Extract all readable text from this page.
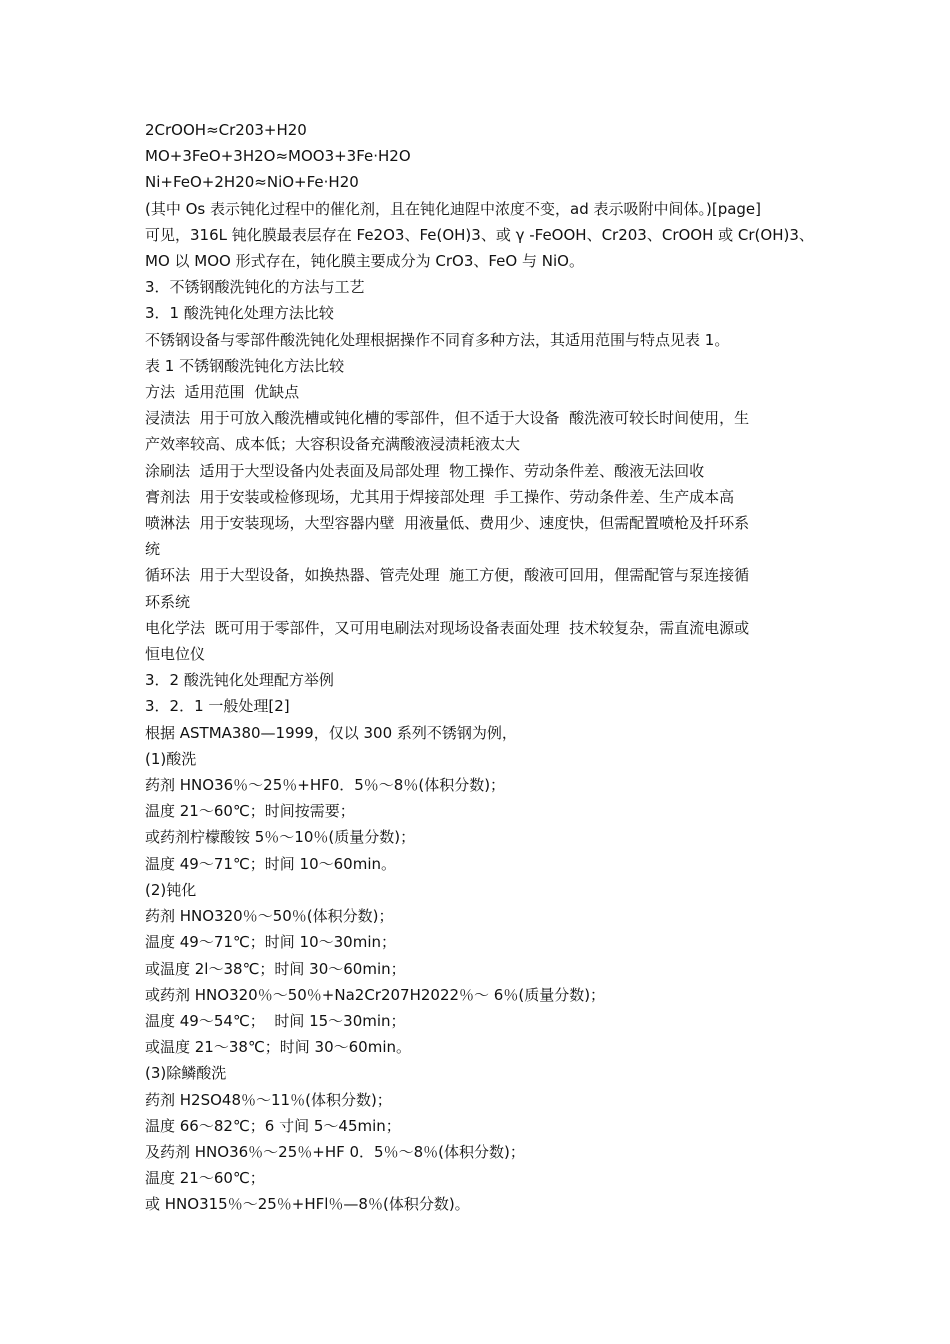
2CrOOH≈Cr203+H20
MO+3FeO+3H2O≈MOO3+3Fe·H2O
Ni+FeO+2H20≈NiO+Fe·H20
(其中 Os 表示钝化过程中的催化剂，且在钝化迪陧中浓度不变，ad 表示吸附中间体。)[page]
可见，316L 钝化膜最表层存在 Fe2O3、Fe(OH)3、或 γ -FeOOH、Cr203、CrOOH 或 Cr(OH)3、
MO 以 MOO 形式存在，钝化膜主要成分为 CrO3、FeO 与 NiO。
3．不锈钢酸洗钝化的方法与工艺
3．1 酸洗钝化处理方法比较
不锈钢设备与零部件酸洗钝化处理根据操作不同育多种方法，其适用范围与特点见表 1。
表 1 不锈钢酸洗钝化方法比较
方法  适用范围  优缺点
浸渍法  用于可放入酸洗槽或钝化槽的零部件，但不适于大设备  酸洗液可较长时间使用，生
产效率较高、成本低；大容积设备充满酸液浸渍耗液太大
涂刷法  适用于大型设备内处表面及局部处理  物工操作、劳动条件差、酸液无法回收
膏剂法  用于安装或检修现场，尤其用于焊接部处理  手工操作、劳动条件差、生产成本高
喷淋法  用于安装现场，大型容器内壁  用液量低、费用少、速度快，但需配置喷枪及扦环系
统
循环法  用于大型设备，如换热器、管壳处理  施工方便，酸液可回用，俚需配管与泵连接循
环系统
电化学法  既可用于零部件，又可用电刷法对现场设备表面处理  技术较复杂，需直流电源或
恒电位仪
3．2 酸洗钝化处理配方举例
3．2．1 一般处理[2]
根据 ASTMA380—1999，仅以 300 系列不锈钢为例，
(1)酸洗
药剂 HNO36％～25％+HF0．5％～8％(体积分数)；
温度 21～60℃；时间按需要；
或药剂柠檬酸铵 5％～10％(质量分数)；
温度 49～71℃；时间 10～60min。
(2)钝化
药剂 HNO320％～50％(体积分数)；
温度 49～71℃；时间 10～30min；
或温度 2l～38℃；时间 30～60min；
或药剂 HNO320％～50％+Na2Cr207H2022％～ 6％(质量分数)；
温度 49～54℃；  时间 15～30min；
或温度 21～38℃；时间 30～60min。
(3)除鳞酸洗
药剂 H2SO48％～11％(体积分数)；
温度 66～82℃；6 寸间 5～45min；
及药剂 HNO36％～25％+HF 0．5％～8％(体积分数)；
温度 21～60℃；
或 HNO315％～25％+HFl％—8％(体积分数)。
